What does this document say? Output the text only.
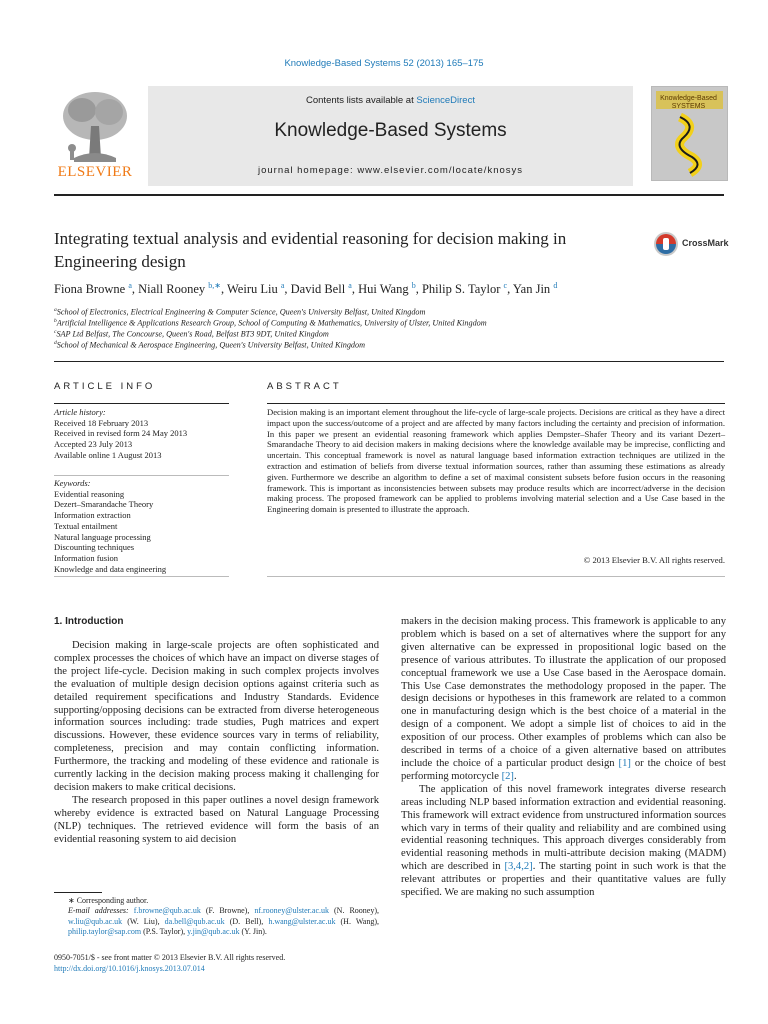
Knowledge-Based Systems 52 (2013) 165–175
Contents lists available at ScienceDirect
Knowledge-Based Systems
journal homepage: www.elsevier.com/locate/knosys
ELSEVIER
Knowledge-Based SYSTEMS
Integrating textual analysis and evidential reasoning for decision making in Engineering design
CrossMark
Fiona Browne $^a$, Niall Rooney $^{b,∗}$, Weiru Liu $^a$, David Bell $^a$, Hui Wang $^b$, Philip S. Taylor $^c$, Yan Jin $^d$
$^a$School of Electronics, Electrical Engineering & Computer Science, Queen's University Belfast, United Kingdom
$^b$Artificial Intelligence & Applications Research Group, School of Computing & Mathematics, University of Ulster, United Kingdom
$^c$SAP Ltd Belfast, The Concourse, Queen's Road, Belfast BT3 9DT, United Kingdom
$^d$School of Mechanical & Aerospace Engineering, Queen's University Belfast, United Kingdom
ARTICLE INFO	ABSTRACT
Article history:
Received 18 February 2013
Received in revised form 24 May 2013
Accepted 23 July 2013
Available online 1 August 2013
Keywords:
Evidential reasoning
Dezert–Smarandache Theory
Information extraction
Textual entailment
Natural language processing
Discounting techniques
Information fusion
Knowledge and data engineering
Decision making is an important element throughout the life-cycle of large-scale projects. Decisions are critical as they have a direct impact upon the success/outcome of a project and are affected by many factors including the certainty and precision of information. In this paper we present an evidential reasoning framework which applies Dempster–Shafer Theory and its variant Dezert–Smarandache Theory to aid decision makers in making decisions where the knowledge available may be imprecise, conflicting and uncertain. This conceptual framework is novel as natural language based information extraction techniques are utilized in the extraction and estimation of beliefs from diverse textual information sources, rather than assuming these estimations as already given. Furthermore we describe an algorithm to define a set of maximal consistent subsets before fusion occurs in the reasoning framework. This is important as inconsistencies between subsets may produce results which are incorrect/adverse in the decision making process. The proposed framework can be applied to problems involving material selection and a Use Case based in the Engineering domain is presented to illustrate the approach.
© 2013 Elsevier B.V. All rights reserved.
1. Introduction

Decision making in large-scale projects are often sophisticated and complex processes the choices of which have an impact on diverse stages of the project life-cycle. Decision making in such complex projects involves the evaluation of multiple design decision options against criteria such as detailed requirement specifications and Industry Standards. Evidence supporting/opposing decisions can be extracted from diverse heterogeneous information sources including: trade studies, Pugh matrices and expert discussions. However, these evidence sources vary in terms of reliability, completeness, precision and may contain conflicting information. Furthermore, the tracking and modeling of these evidence and rationale is currently lacking in the decision making process making it challenging for decision makers to make critical decisions.

The research proposed in this paper outlines a novel design framework whereby evidence is extracted based on Natural Language Processing (NLP) techniques. The retrieved evidence will form the basis of an evidential reasoning system to aid decision

makers in the decision making process. This framework is applicable to any problem which is based on a set of alternatives where the support for any given alternative can be expressed in propositional logic based on the presence of various attributes. To illustrate the application of our proposed conceptual framework we use a Use Case based in the Aerospace domain. This Use Case demonstrates the methodology proposed in the paper. The design decisions or hypotheses in this framework are related to a common one in manufacturing design which is the best choice of a material in the design of a component. We adopt a simple list of choices to aid in the exposition of our process. Other examples of problems which can also be described in terms of a choice of a given alternative based on attributes include the choice of a particular product design [1] or the choice of best performing motorcycle [2].

The application of this novel framework integrates diverse research areas including NLP based information extraction and evidential reasoning. This framework will extract evidence from unstructured information sources which vary in terms of their quality and reliability and are combined using evidential reasoning techniques. This approach diverges considerably from evidential reasoning methods in multi-attribute decision making (MADM) which are described in [3,4,2]. The starting point in such work is that the relevant attributes or properties and their quantitative values are fully specified. We are making no such assumption

∗ Corresponding author.
E-mail addresses: f.browne@qub.ac.uk (F. Browne), nf.rooney@ulster.ac.uk (N. Rooney), w.liu@qub.ac.uk (W. Liu), da.bell@qub.ac.uk (D. Bell), h.wang@ulster.ac.uk (H. Wang), philip.taylor@sap.com (P.S. Taylor), y.jin@qub.ac.uk (Y. Jin).
0950-7051/$ - see front matter © 2013 Elsevier B.V. All rights reserved.
http://dx.doi.org/10.1016/j.knosys.2013.07.014
